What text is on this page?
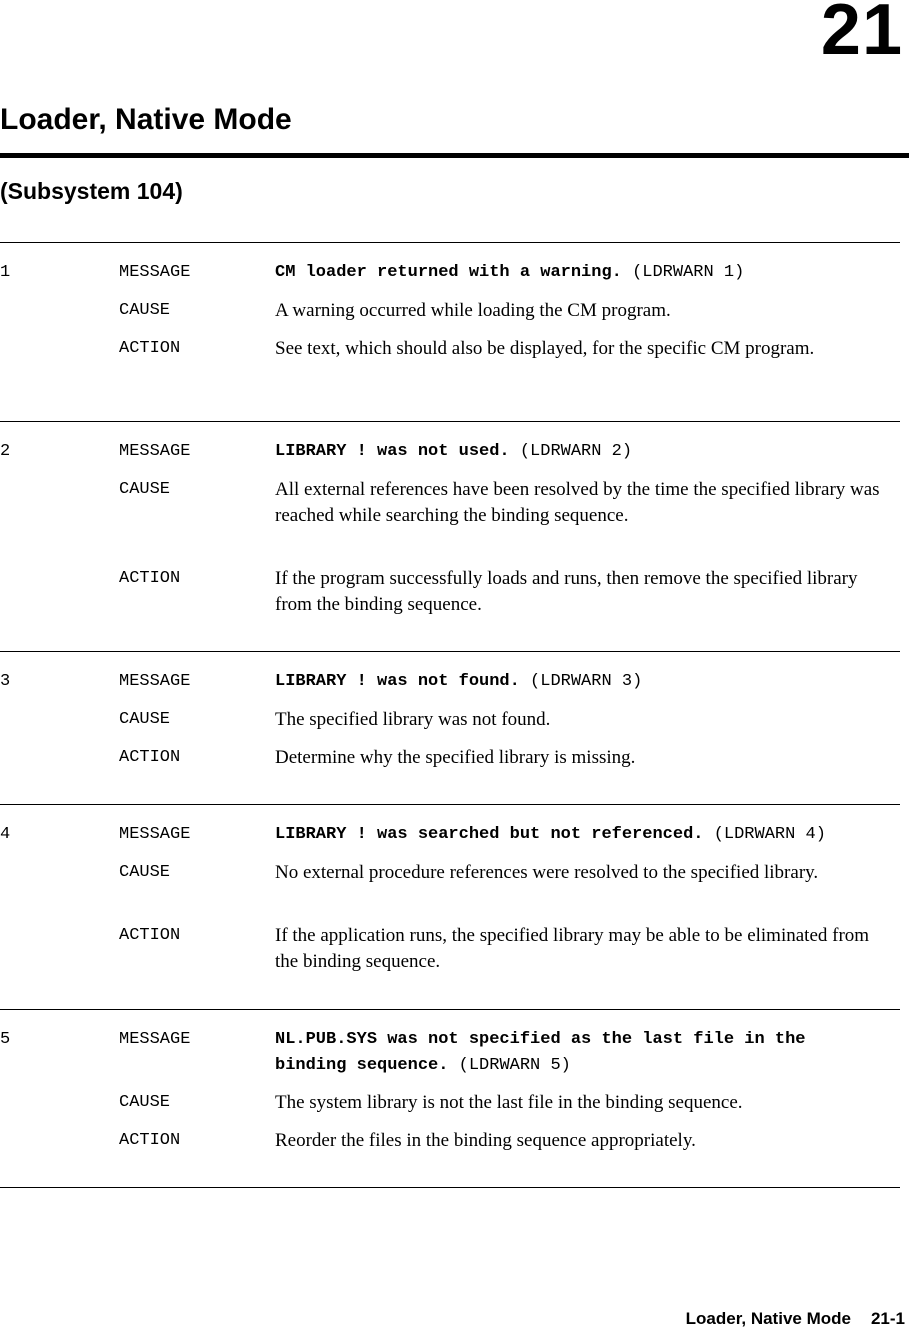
21
Loader, Native Mode
(Subsystem 104)
1	MESSAGE	CM loader returned with a warning. (LDRWARN 1)
CAUSE	A warning occurred while loading the CM program.
ACTION	See text, which should also be displayed, for the specific CM program.
2	MESSAGE	LIBRARY ! was not used. (LDRWARN 2)
CAUSE	All external references have been resolved by the time the specified library was reached while searching the binding sequence.
ACTION	If the program successfully loads and runs, then remove the specified library from the binding sequence.
3	MESSAGE	LIBRARY ! was not found. (LDRWARN 3)
CAUSE	The specified library was not found.
ACTION	Determine why the specified library is missing.
4	MESSAGE	LIBRARY ! was searched but not referenced. (LDRWARN 4)
CAUSE	No external procedure references were resolved to the specified library.
ACTION	If the application runs, the specified library may be able to be eliminated from the binding sequence.
5	MESSAGE	NL.PUB.SYS was not specified as the last file in the binding sequence. (LDRWARN 5)
CAUSE	The system library is not the last file in the binding sequence.
ACTION	Reorder the files in the binding sequence appropriately.
Loader, Native Mode 21-1
